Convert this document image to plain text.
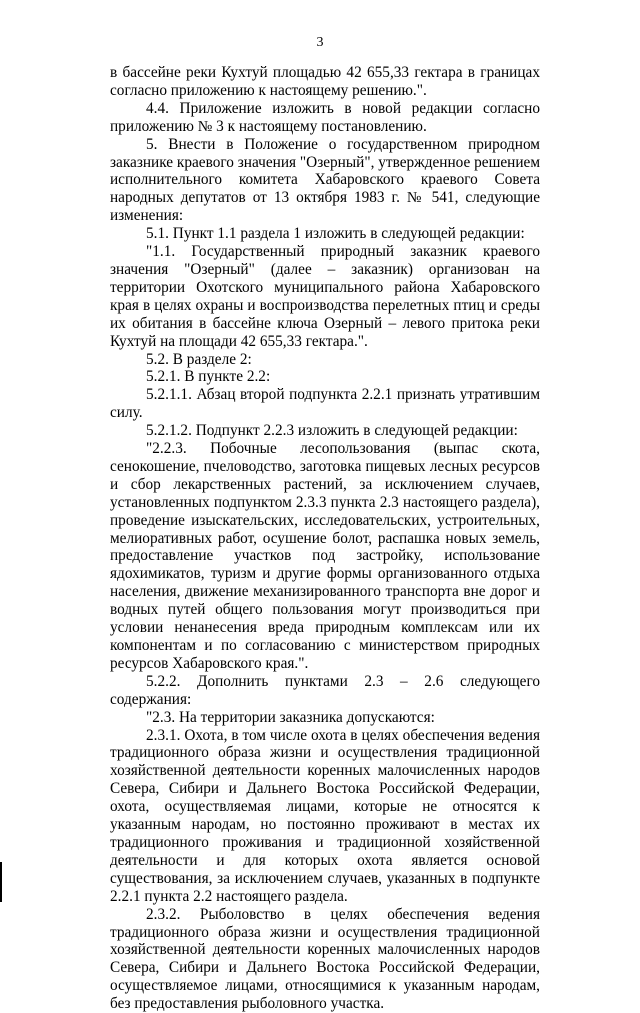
3

в бассейне реки Кухтуй площадью 42 655,33 гектара в границах согласно приложению к настоящему решению.".

4.4. Приложение изложить в новой редакции согласно приложению № 3 к настоящему постановлению.

5. Внести в Положение о государственном природном заказнике краевого значения "Озерный", утвержденное решением исполнительного комитета Хабаровского краевого Совета народных депутатов от 13 октября 1983 г. № 541, следующие изменения:

5.1. Пункт 1.1 раздела 1 изложить в следующей редакции:

"1.1. Государственный природный заказник краевого значения "Озерный" (далее – заказник) организован на территории Охотского муниципального района Хабаровского края в целях охраны и воспроизводства перелетных птиц и среды их обитания в бассейне ключа Озерный – левого притока реки Кухтуй на площади 42 655,33 гектара.".

5.2. В разделе 2:

5.2.1. В пункте 2.2:

5.2.1.1. Абзац второй подпункта 2.2.1 признать утратившим силу.

5.2.1.2. Подпункт 2.2.3 изложить в следующей редакции:

"2.2.3. Побочные лесопользования (выпас скота, сенокошение, пчеловодство, заготовка пищевых лесных ресурсов и сбор лекарственных растений, за исключением случаев, установленных подпунктом 2.3.3 пункта 2.3 настоящего раздела), проведение изыскательских, исследовательских, устроительных, мелиоративных работ, осушение болот, распашка новых земель, предоставление участков под застройку, использование ядохимикатов, туризм и другие формы организованного отдыха населения, движение механизированного транспорта вне дорог и водных путей общего пользования могут производиться при условии ненанесения вреда природным комплексам или их компонентам и по согласованию с министерством природных ресурсов Хабаровского края.".

5.2.2. Дополнить пунктами 2.3 – 2.6 следующего содержания:

"2.3. На территории заказника допускаются:

2.3.1. Охота, в том числе охота в целях обеспечения ведения традиционного образа жизни и осуществления традиционной хозяйственной деятельности коренных малочисленных народов Севера, Сибири и Дальнего Востока Российской Федерации, охота, осуществляемая лицами, которые не относятся к указанным народам, но постоянно проживают в местах их традиционного проживания и традиционной хозяйственной деятельности и для которых охота является основой существования, за исключением случаев, указанных в подпункте 2.2.1 пункта 2.2 настоящего раздела.

2.3.2. Рыболовство в целях обеспечения ведения традиционного образа жизни и осуществления традиционной хозяйственной деятельности коренных малочисленных народов Севера, Сибири и Дальнего Востока Российской Федерации, осуществляемое лицами, относящимися к указанным народам, без предоставления рыболовного участка.
